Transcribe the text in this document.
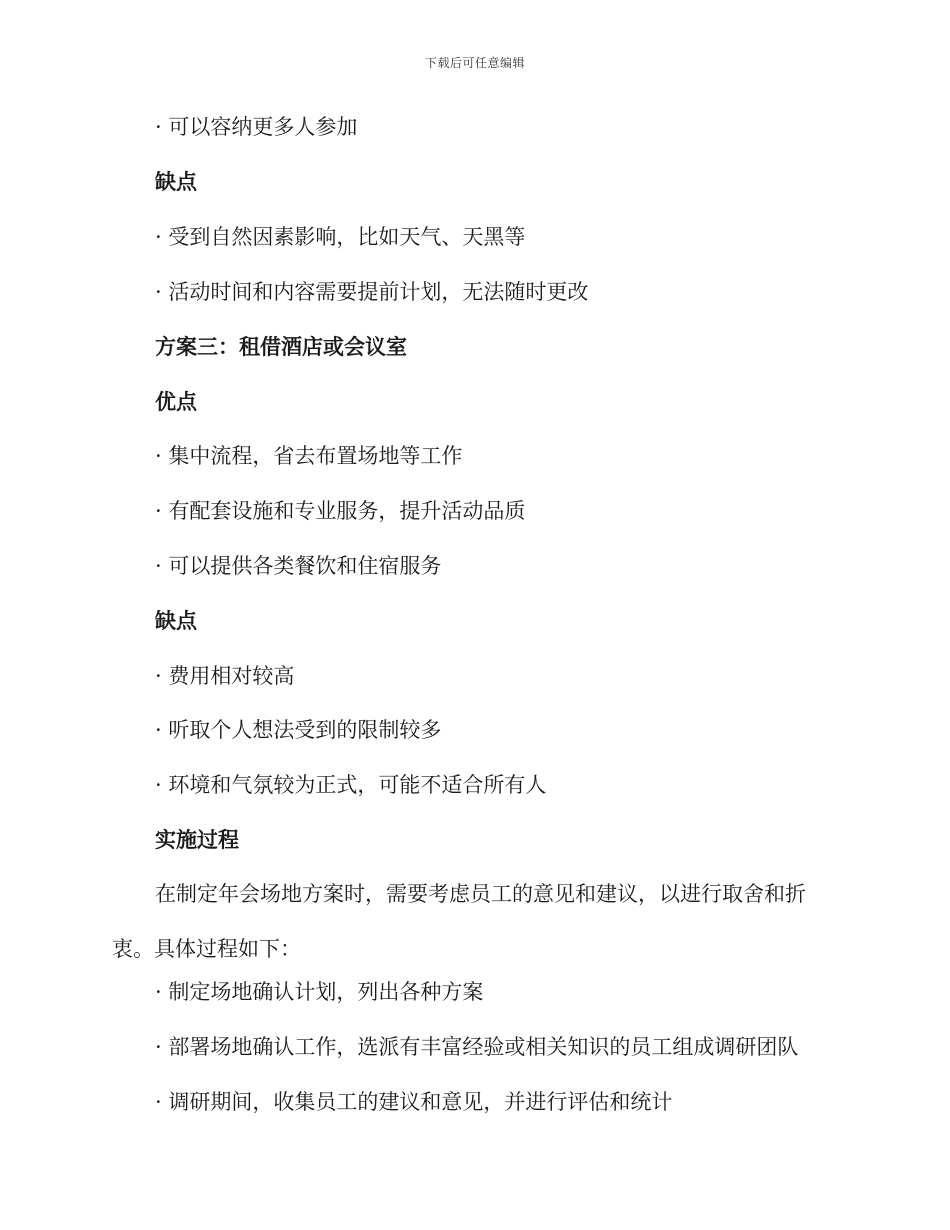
下载后可任意编辑
· 可以容纳更多人参加
缺点
· 受到自然因素影响，比如天气、天黑等
· 活动时间和内容需要提前计划，无法随时更改
方案三：租借酒店或会议室
优点
· 集中流程，省去布置场地等工作
· 有配套设施和专业服务，提升活动品质
· 可以提供各类餐饮和住宿服务
缺点
· 费用相对较高
· 听取个人想法受到的限制较多
· 环境和气氛较为正式，可能不适合所有人
实施过程
在制定年会场地方案时，需要考虑员工的意见和建议，以进行取舍和折衷。具体过程如下：
· 制定场地确认计划，列出各种方案
· 部署场地确认工作，选派有丰富经验或相关知识的员工组成调研团队
· 调研期间，收集员工的建议和意见，并进行评估和统计
